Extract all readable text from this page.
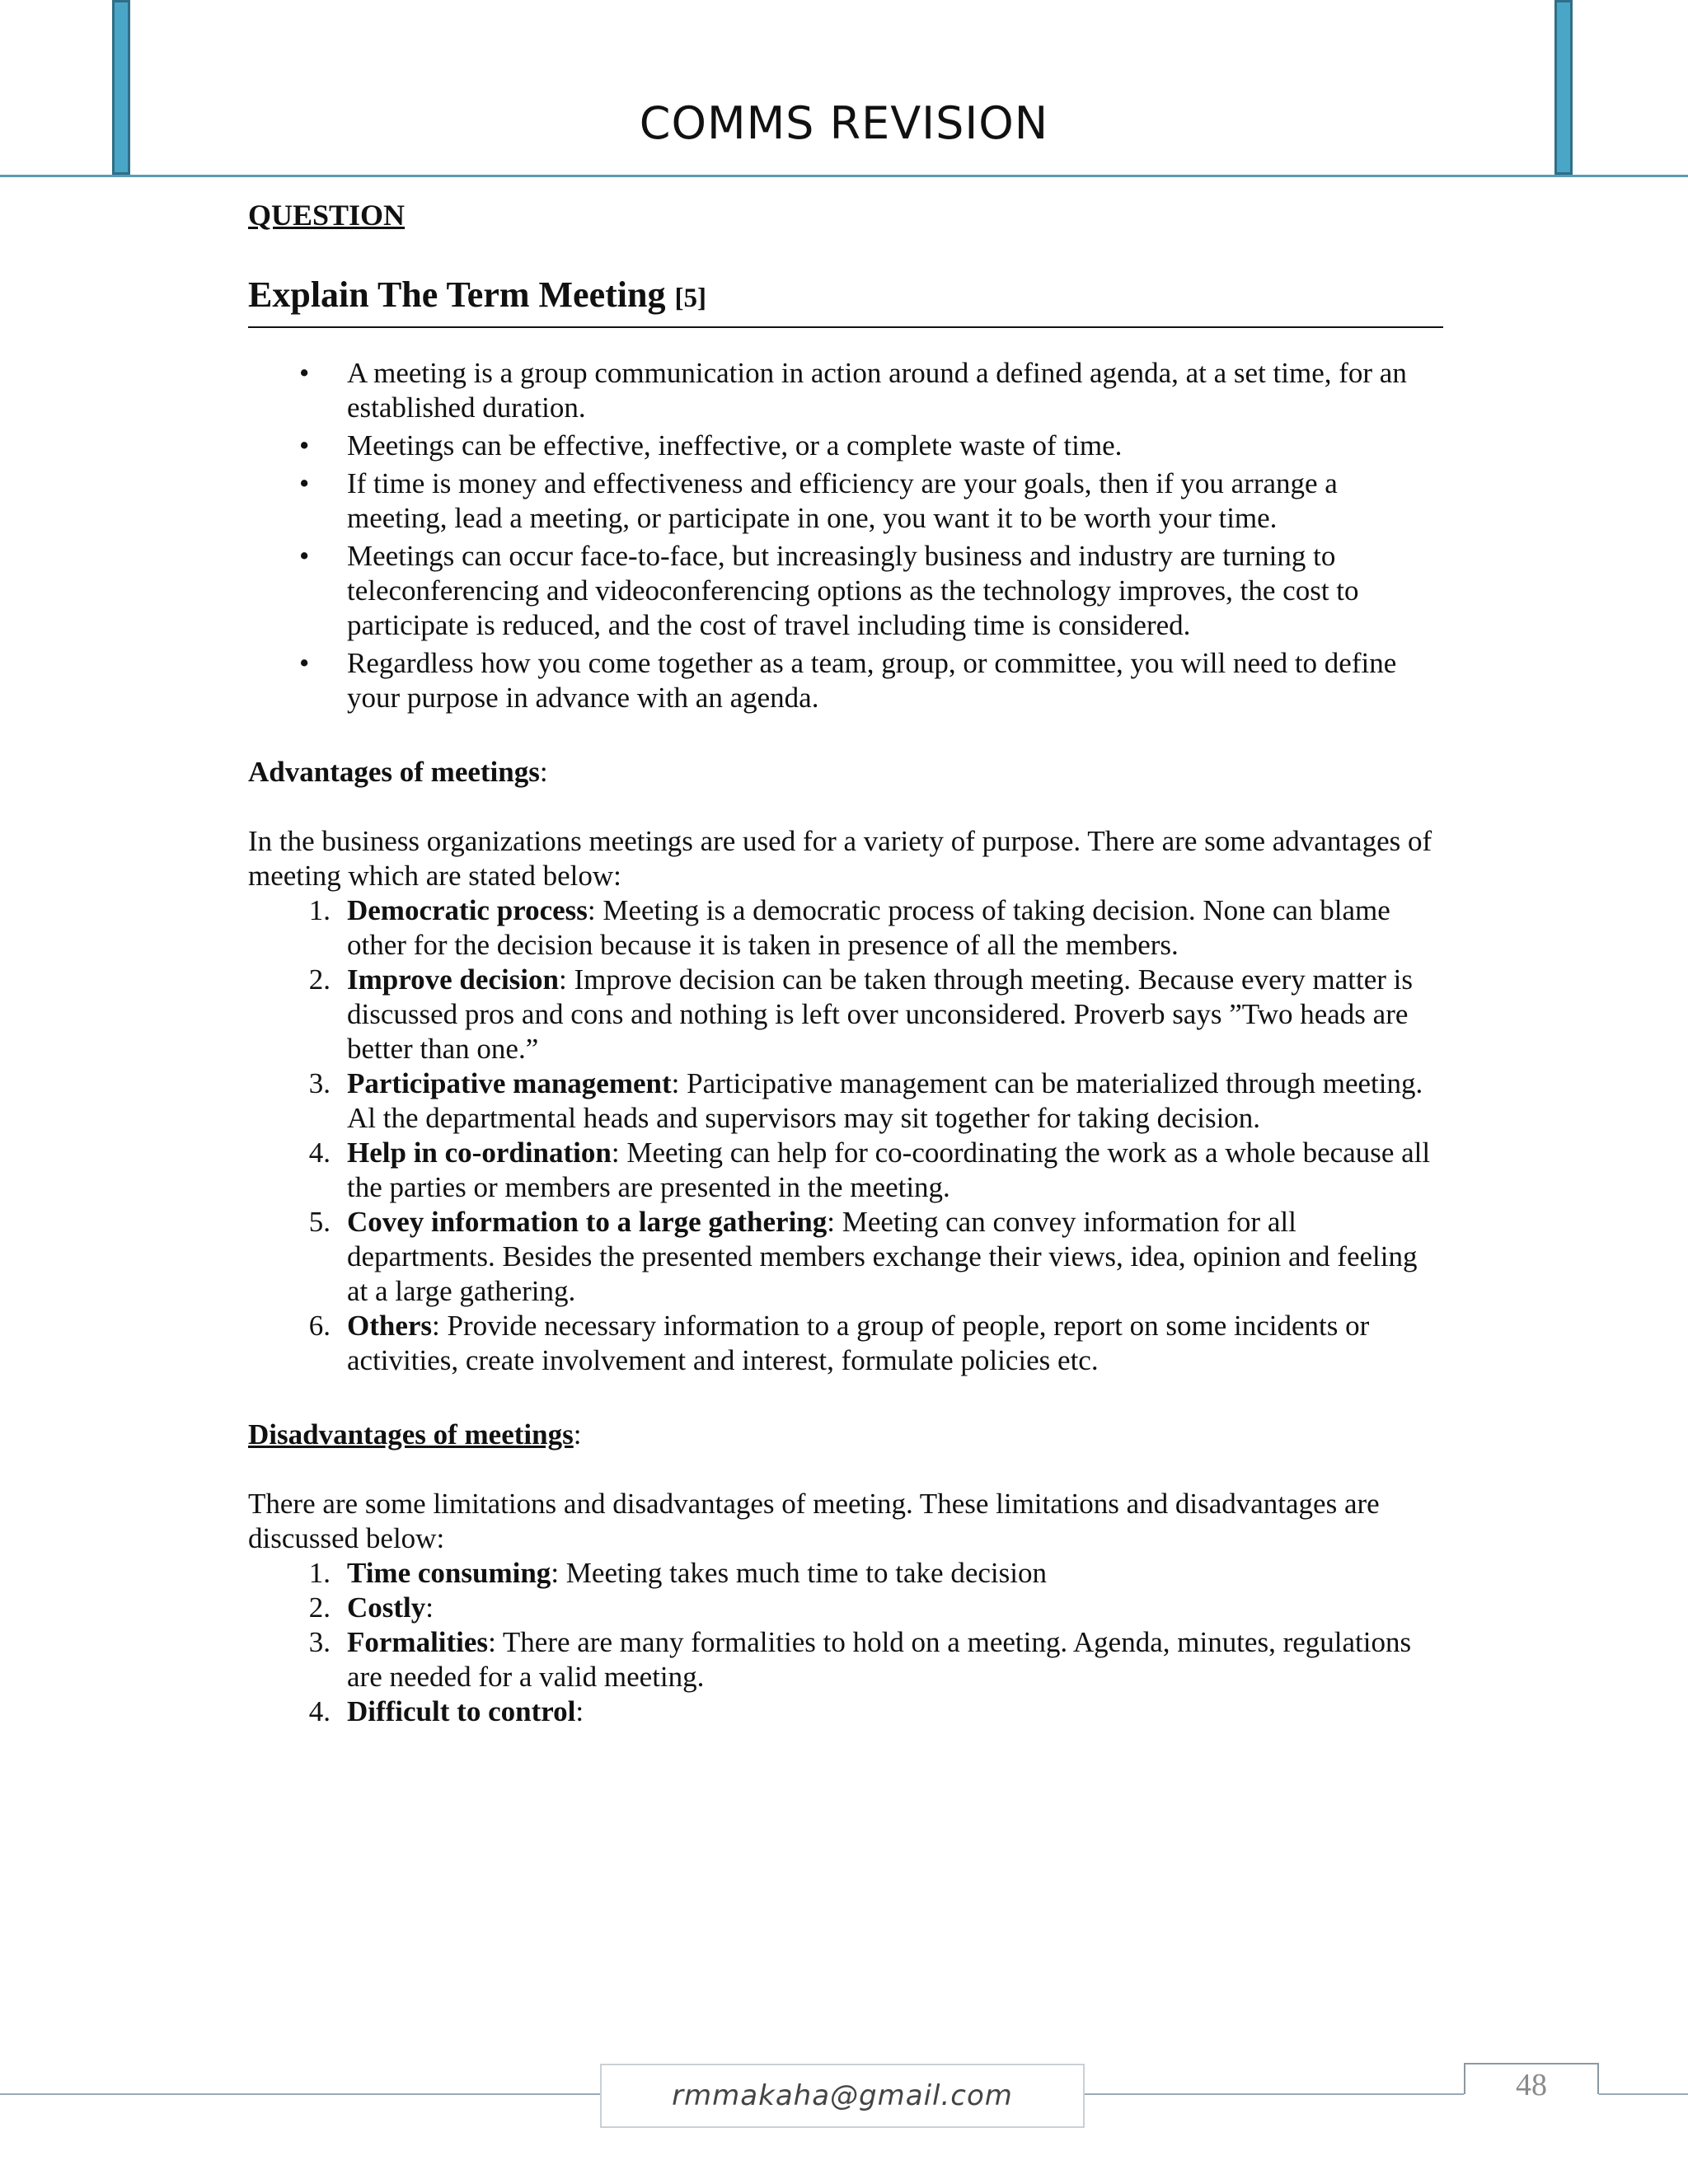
COMMS REVISION

QUESTION

Explain The Term Meeting [5]
• A meeting is a group communication in action around a defined agenda, at a set time, for an established duration.
• Meetings can be effective, ineffective, or a complete waste of time.
• If time is money and effectiveness and efficiency are your goals, then if you arrange a meeting, lead a meeting, or participate in one, you want it to be worth your time.
• Meetings can occur face-to-face, but increasingly business and industry are turning to teleconferencing and videoconferencing options as the technology improves, the cost to participate is reduced, and the cost of travel including time is considered.
• Regardless how you come together as a team, group, or committee, you will need to define your purpose in advance with an agenda.
Advantages of meetings:
In the business organizations meetings are used for a variety of purpose. There are some advantages of meeting which are stated below:
1. Democratic process: Meeting is a democratic process of taking decision. None can blame other for the decision because it is taken in presence of all the members.
2. Improve decision: Improve decision can be taken through meeting. Because every matter is discussed pros and cons and nothing is left over unconsidered. Proverb says ”Two heads are better than one.”
3. Participative management: Participative management can be materialized through meeting. Al the departmental heads and supervisors may sit together for taking decision.
4. Help in co-ordination: Meeting can help for co-coordinating the work as a whole because all the parties or members are presented in the meeting.
5. Covey information to a large gathering: Meeting can convey information for all departments. Besides the presented members exchange their views, idea, opinion and feeling at a large gathering.
6. Others: Provide necessary information to a group of people, report on some incidents or activities, create involvement and interest, formulate policies etc.
Disadvantages of meetings:
There are some limitations and disadvantages of meeting. These limitations and disadvantages are discussed below:
1. Time consuming: Meeting takes much time to take decision
2. Costly:
3. Formalities: There are many formalities to hold on a meeting. Agenda, minutes, regulations are needed for a valid meeting.
4. Difficult to control:
rmmakaha@gmail.com	48
